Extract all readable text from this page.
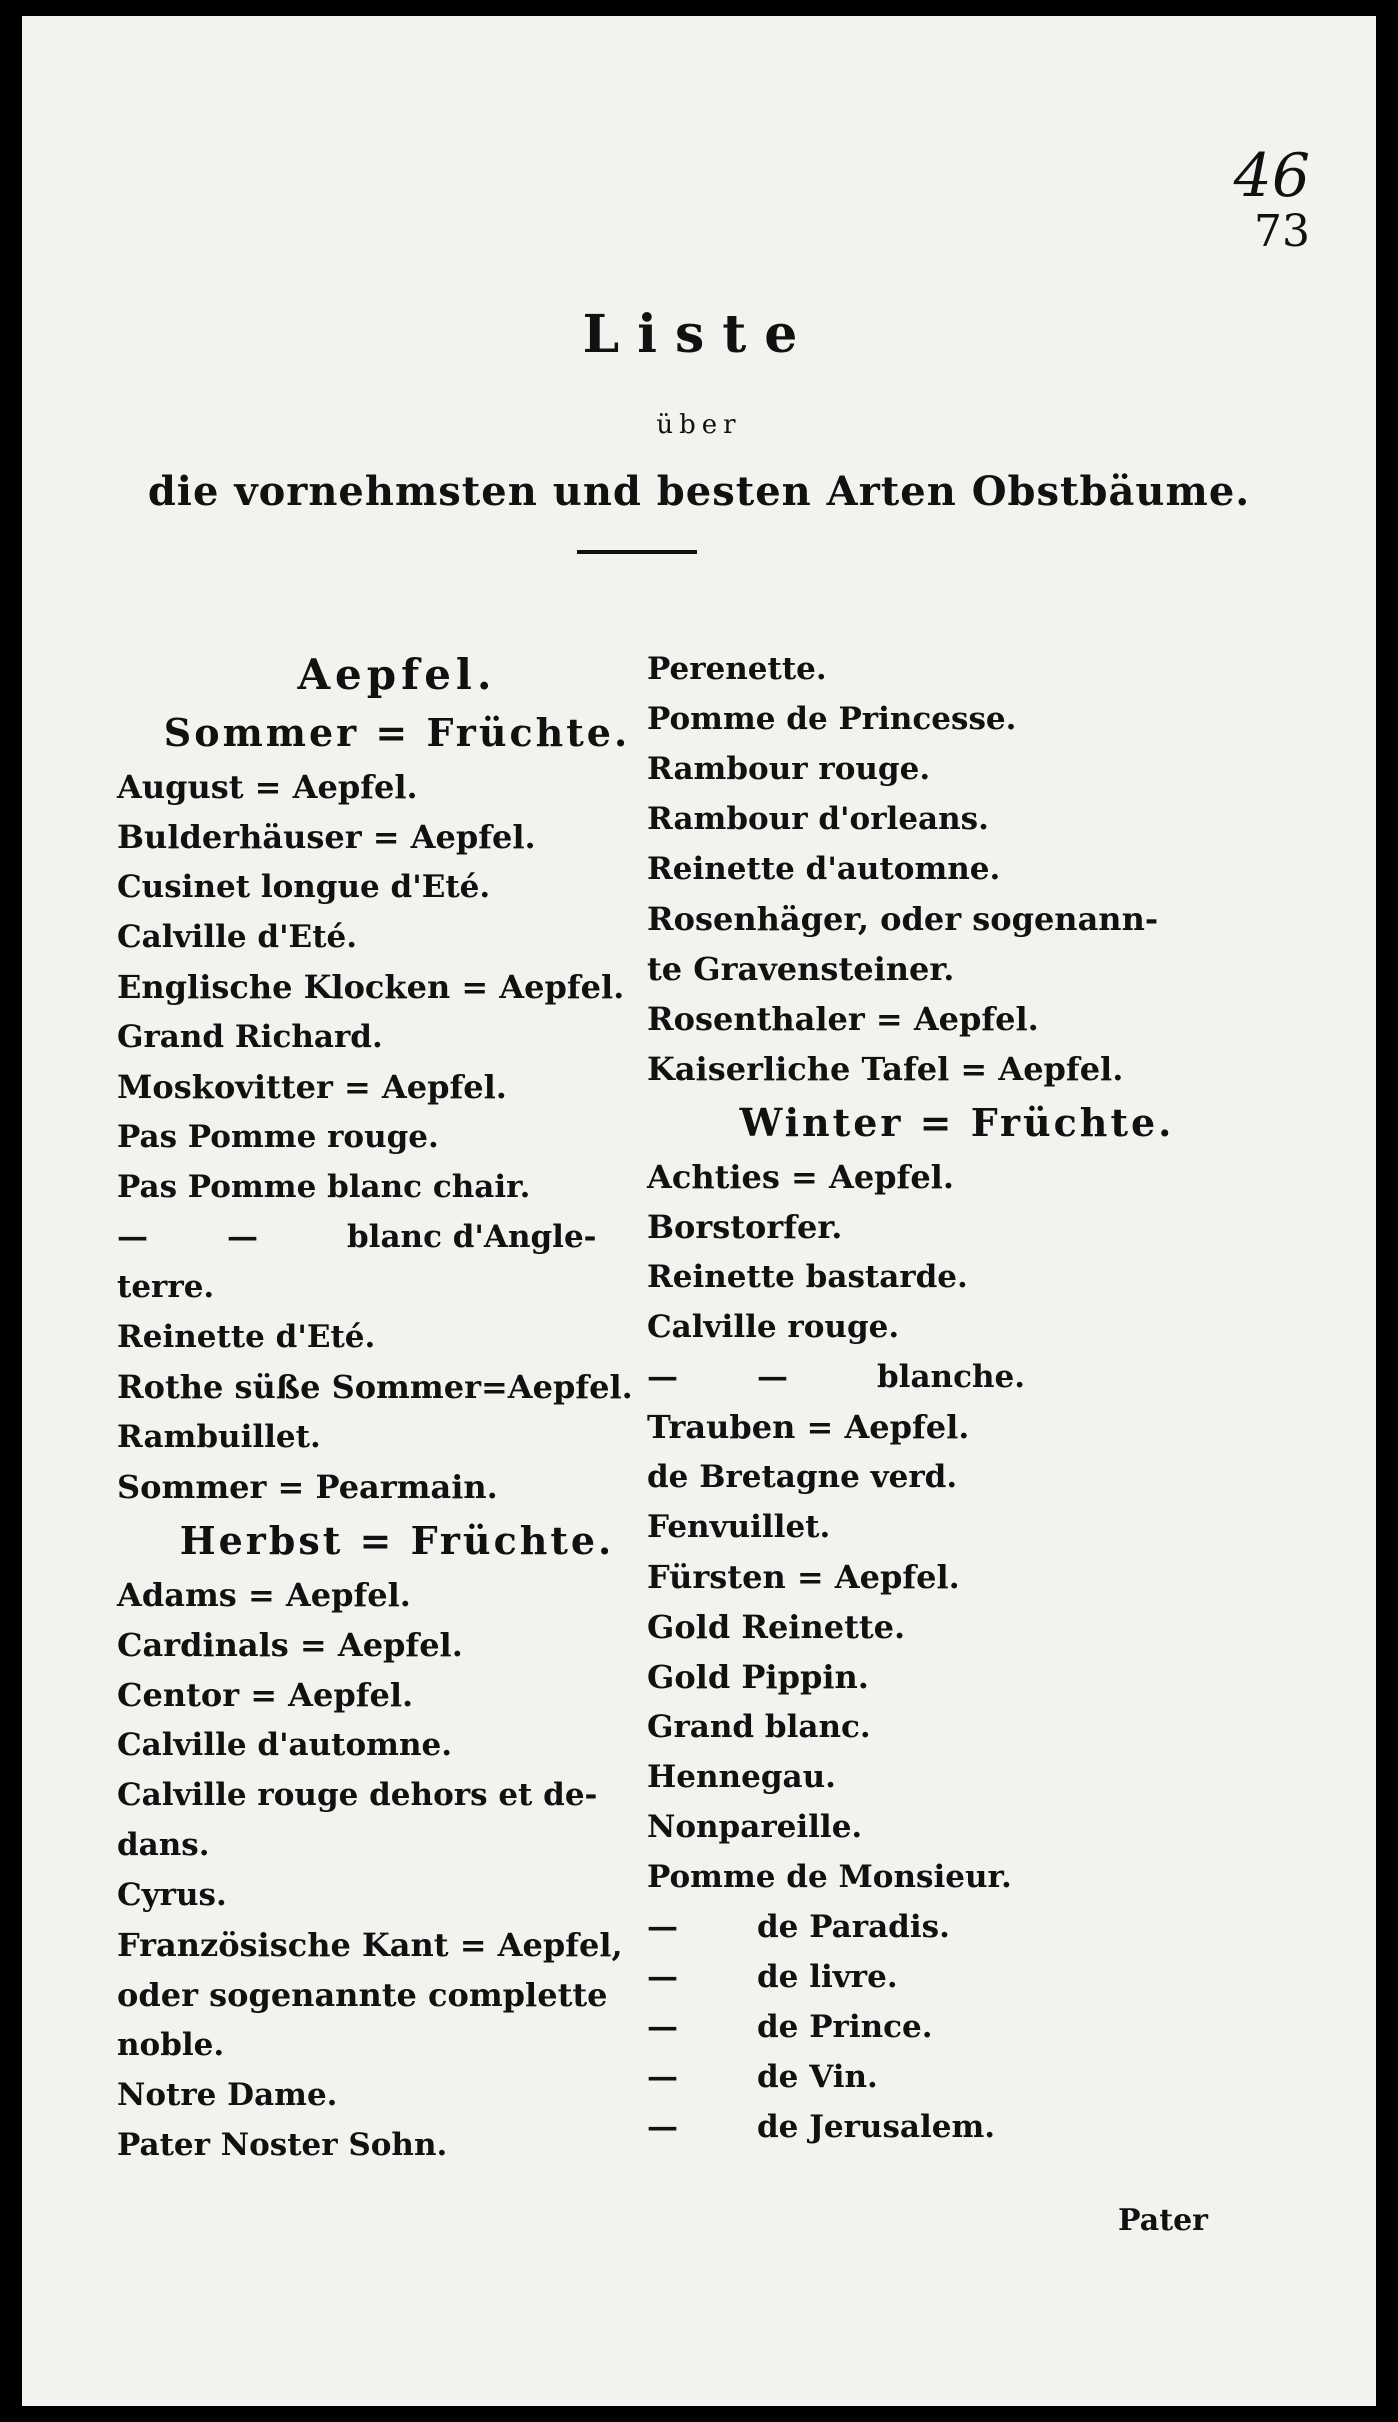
46
73
Liste
über
die vornehmsten und besten Arten Obstbäume.
Aepfel.
Sommer = Früchte.
August = Aepfel.
Bulderhäuser = Aepfel.
Cusinet longue d'Eté.
Calville d'Eté.
Englische Klocken = Aepfel.
Grand Richard.
Moskovitter = Aepfel.
Pas Pomme rouge.
Pas Pomme blanc chair.
—	—	blanc d'Angle-
terre.
Reinette d'Eté.
Rothe süße Sommer=Aepfel.
Rambuillet.
Sommer = Pearmain.
Herbst = Früchte.
Adams = Aepfel.
Cardinals = Aepfel.
Centor = Aepfel.
Calville d'automne.
Calville rouge dehors et de-
dans.
Cyrus.
Französische Kant = Aepfel,
oder sogenannte complette
noble.
Notre Dame.
Pater Noster Sohn.
Perenette.
Pomme de Princesse.
Rambour rouge.
Rambour d'orleans.
Reinette d'automne.
Rosenhäger, oder sogenann-
te Gravensteiner.
Rosenthaler = Aepfel.
Kaiserliche Tafel = Aepfel.
Winter = Früchte.
Achties = Aepfel.
Borstorfer.
Reinette bastarde.
Calville rouge.
—	—	blanche.
Trauben = Aepfel.
de Bretagne verd.
Fenvuillet.
Fürsten = Aepfel.
Gold Reinette.
Gold Pippin.
Grand blanc.
Hennegau.
Nonpareille.
Pomme de Monsieur.
—	de Paradis.
—	de livre.
—	de Prince.
—	de Vin.
—	de Jerusalem.
Pater
